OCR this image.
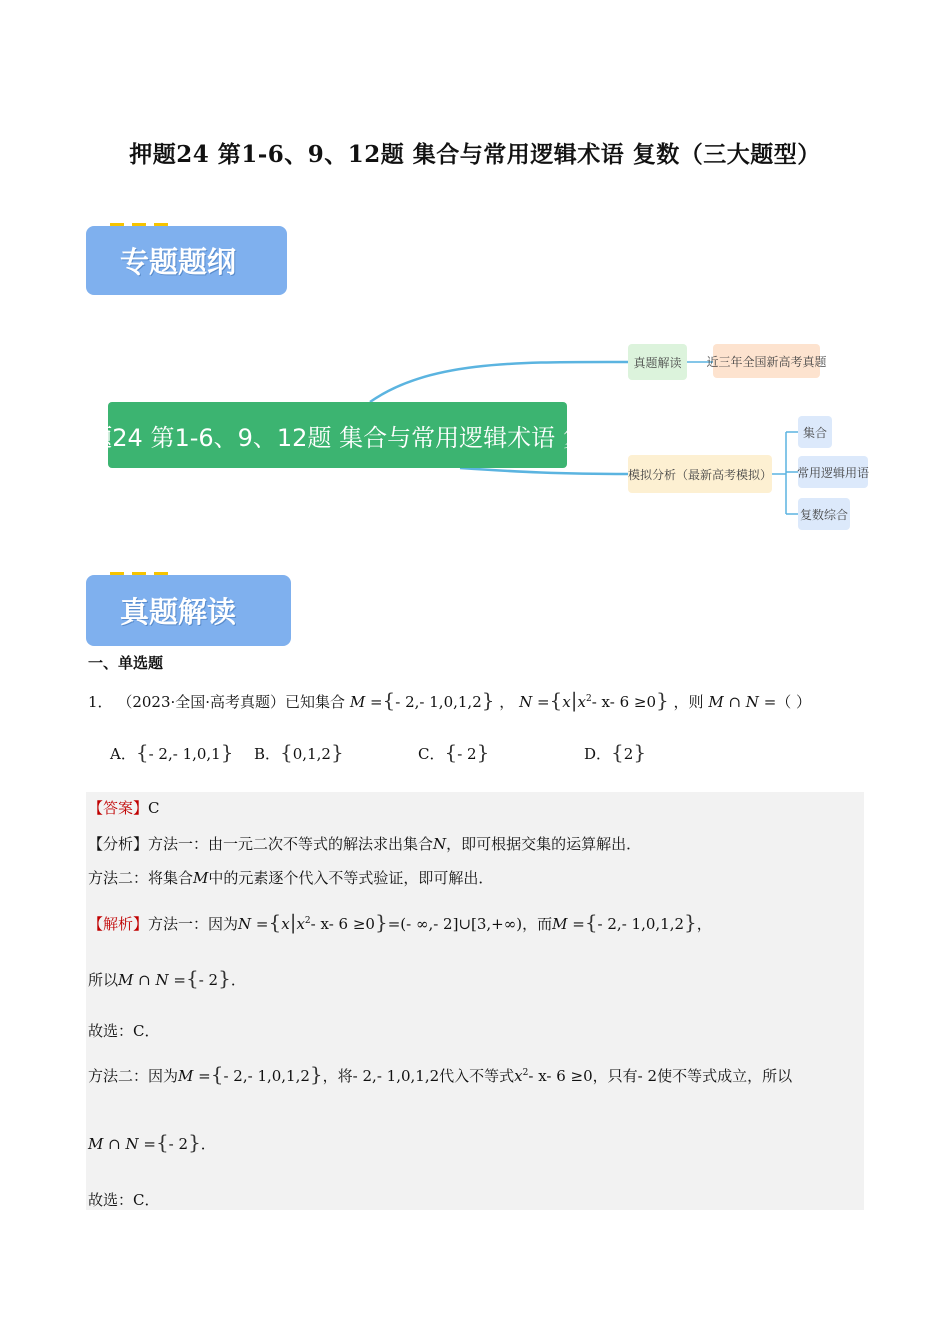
押题24 第1-6、9、12题 集合与常用逻辑术语 复数（三大题型）
专题题纲
押题24 第1-6、9、12题 集合与常用逻辑术语 复数
真题解读	近三年全国新高考真题
模拟分析（最新高考模拟）
集合
常用逻辑用语
复数综合
真题解读
一、单选题
1． （2023·全国·高考真题）已知集合 M ={- 2,- 1,0,1,2} ， $N =\{x|x^2-$ x- 6 ≥0} ，则 M ∩ N =（ ）
A．{- 2,- 1,0,1} B．{0,1,2}	C．{- 2}	D．{2}
【答案】C
【分析】方法一：由一元二次不等式的解法求出集合N，即可根据交集的运算解出．
方法二：将集合M中的元素逐个代入不等式验证，即可解出．
【解析】方法一：因为$N =\{x|x^2-$ x- 6 ≥0}=(- ∞,- 2]∪[3,+∞)，而M ={- 2,- 1,0,1,2}，
所以M ∩ N ={- 2}．
故选：C．
方法二：因为M ={- 2,- 1,0,1,2}，将- 2,- 1,0,1,2代入不等式$x^2-$ x- 6 ≥0，只有- 2使不等式成立，所以
M ∩ N ={- 2}．
故选：C．
